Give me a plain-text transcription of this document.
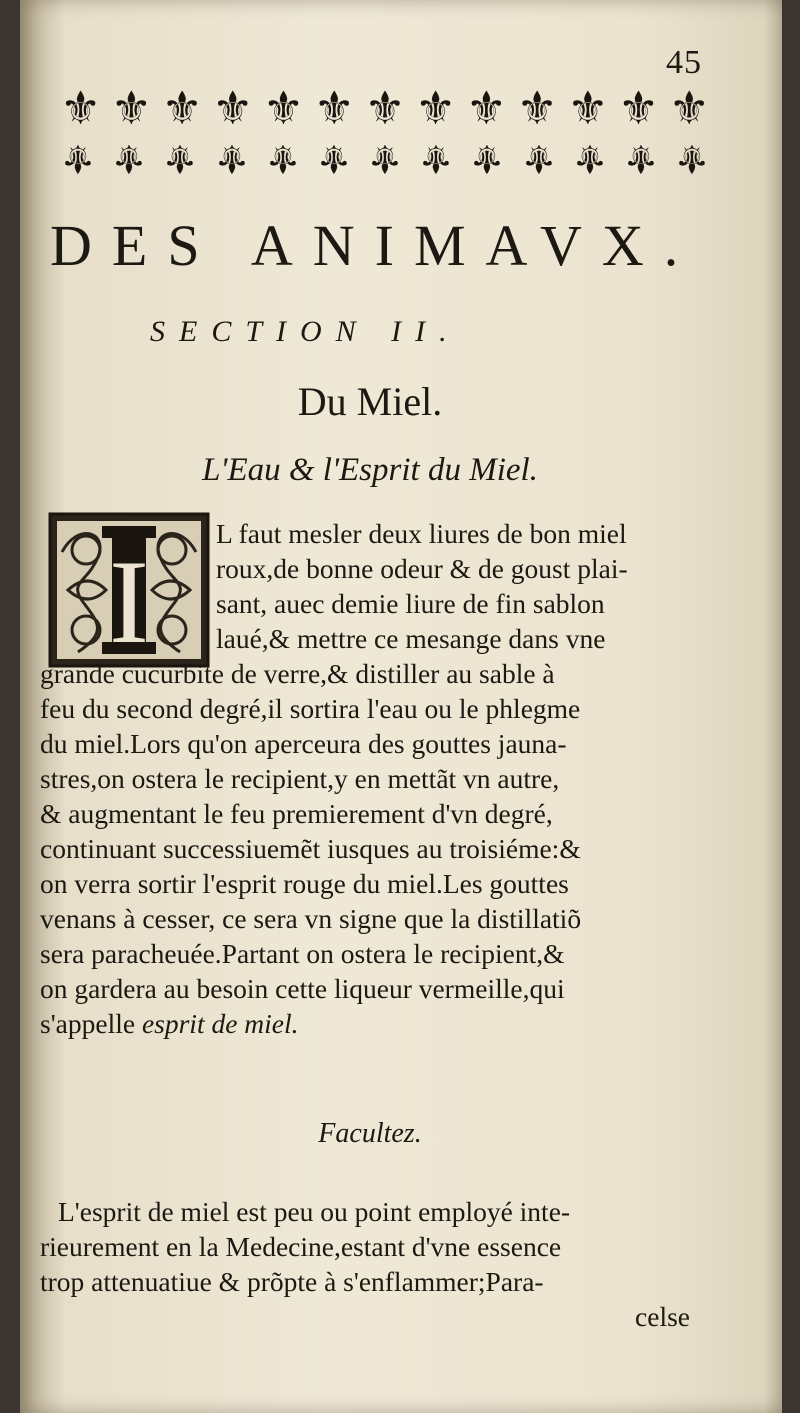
45
⚜ ⚜ ⚜ ⚜ ⚜ ⚜ ⚜ ⚜ ⚜ ⚜ ⚜ ⚜ ⚜
⚜ ⚜ ⚜ ⚜ ⚜ ⚜ ⚜ ⚜ ⚜ ⚜ ⚜ ⚜ ⚜
DES ANIMAVX.
SECTION II.
Du Miel.
L'Eau & l'Esprit du Miel.
I
L faut mesler deux liures de bon miel
roux,de bonne odeur & de goust plai-
sant, auec demie liure de fin sablon
laué,& mettre ce mesange dans vne
grande cucurbite de verre,& distiller au sable à
feu du second degré,il sortira l'eau ou le phlegme
du miel.Lors qu'on aperceura des gouttes jauna-
stres,on ostera le recipient,y en mettãt vn autre,
& augmentant le feu premierement d'vn degré,
continuant successiuemẽt iusques au troisiéme:&
on verra sortir l'esprit rouge du miel.Les gouttes
venans à cesser, ce sera vn signe que la distillatiõ
sera paracheuée.Partant on ostera le recipient,&
on gardera au besoin cette liqueur vermeille,qui
s'appelle esprit de miel.
Facultez.
L'esprit de miel est peu ou point employé inte-
rieurement en la Medecine,estant d'vne essence
trop attenuatiue & prõpte à s'enflammer;Para-
celse
